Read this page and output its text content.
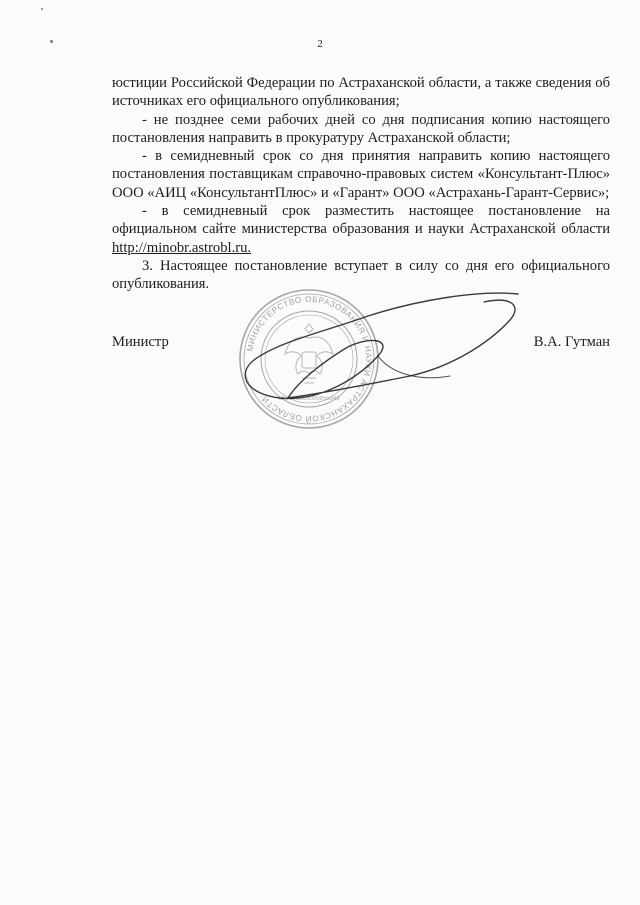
2

юстиции Российской Федерации по Астраханской области, а также сведения об источниках его официального опубликования;

- не позднее семи рабочих дней со дня подписания копию настоящего постановления направить в прокуратуру Астраханской области;

- в семидневный срок со дня принятия направить копию настоящего постановления поставщикам справочно-правовых систем «Консультант-Плюс» ООО «АИЦ «КонсультантПлюс» и «Гарант» ООО «Астрахань-Гарант-Сервис»;

- в семидневный срок разместить настоящее постановление на официальном сайте министерства образования и науки Астраханской области http://minobr.astrobl.ru.

3. Настоящее постановление вступает в силу со дня его официального опубликования.

МИНИСТЕРСТВО ОБРАЗОВАНИЯ И НАУКИ АСТРАХАНСКОЙ ОБЛАСТИ	ОГРН 1023000855543
Министр	В.А. Гутман
